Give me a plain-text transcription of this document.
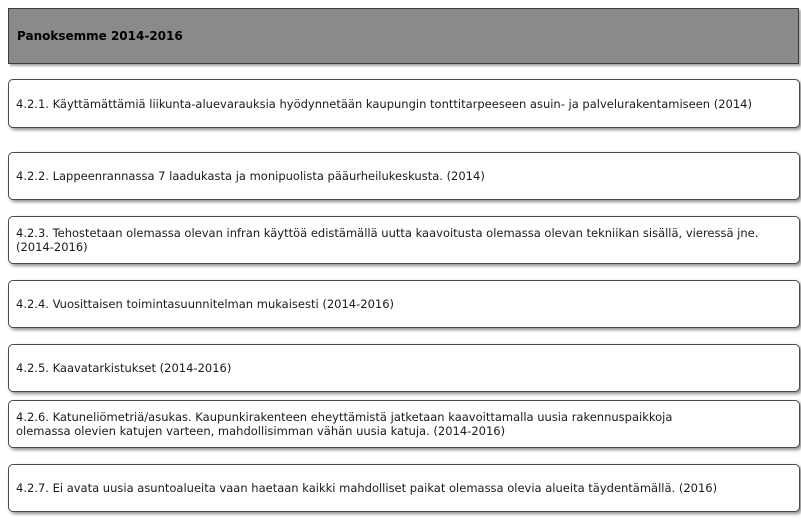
Panoksemme 2014-2016
4.2.1. Käyttämättämiä liikunta-aluevarauksia hyödynnetään kaupungin tonttitarpeeseen asuin- ja palvelurakentamiseen (2014)
4.2.2. Lappeenrannassa 7 laadukasta ja monipuolista pääurheilukeskusta. (2014)
4.2.3. Tehostetaan olemassa olevan infran käyttöä edistämällä uutta kaavoitusta olemassa olevan tekniikan sisällä, vieressä jne. (2014-2016)
4.2.4. Vuosittaisen toimintasuunnitelman mukaisesti (2014-2016)
4.2.5. Kaavatarkistukset (2014-2016)
4.2.6. Katuneliömetriä/asukas. Kaupunkirakenteen eheyttämistä jatketaan kaavoittamalla uusia rakennuspaikkoja
olemassa olevien katujen varteen, mahdollisimman vähän uusia katuja. (2014-2016)
4.2.7. Ei avata uusia asuntoalueita vaan haetaan kaikki mahdolliset paikat olemassa olevia alueita täydentämällä. (2016)
